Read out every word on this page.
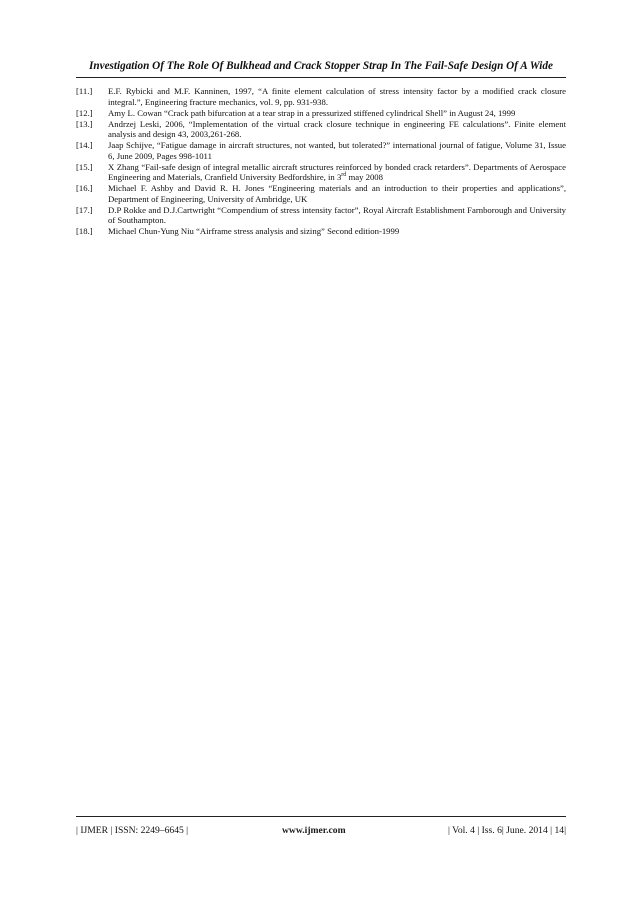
Investigation Of The Role Of Bulkhead and Crack Stopper Strap In The Fail-Safe Design Of A Wide
[11.]	E.F. Rybicki and M.F. Kanninen, 1997, “A finite element calculation of stress intensity factor by a modified crack closure integral.”, Engineering fracture mechanics, vol. 9, pp. 931-938.
[12.]	Amy L. Cowan “Crack path bifurcation at a tear strap in a pressurized stiffened cylindrical Shell” in August 24, 1999
[13.]	Andrzej Leski, 2006, “Implementation of the virtual crack closure technique in engineering FE calculations”. Finite element analysis and design 43, 2003,261-268.
[14.]	Jaap Schijve, “Fatigue damage in aircraft structures, not wanted, but tolerated?” international journal of fatigue, Volume 31, Issue 6, June 2009, Pages 998-1011
[15.]	X Zhang “Fail-safe design of integral metallic aircraft structures reinforced by bonded crack retarders”. Departments of Aerospace Engineering and Materials, Cranfield University Bedfordshire, in 3rd may 2008
[16.]	Michael F. Ashby and David R. H. Jones “Engineering materials and an introduction to their properties and applications”, Department of Engineering, University of Ambridge, UK
[17.]	D.P Rokke and D.J.Cartwright “Compendium of stress intensity factor”, Royal Aircraft Establishment Farnborough and University of Southampton.
[18.]	Michael Chun-Yung Niu “Airframe stress analysis and sizing” Second edition-1999
| IJMER | ISSN: 2249–6645 |	www.ijmer.com	| Vol. 4 | Iss. 6| June. 2014 | 14|
